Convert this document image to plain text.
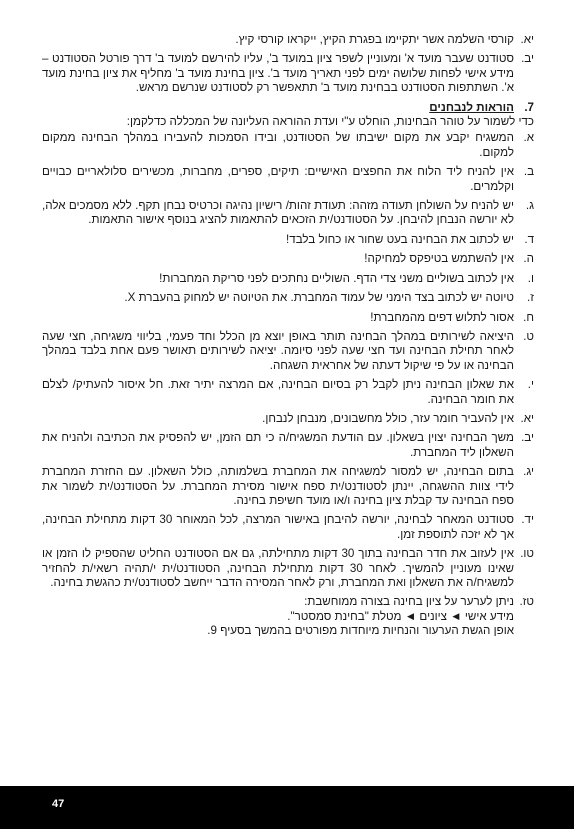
יא.
קורסי השלמה אשר יתקיימו בפגרת הקיץ, ייקראו קורסי קיץ.
יב.
סטודנט שעבר מועד א' ומעוניין לשפר ציון במועד ב', עליו להירשם למועד ב' דרך פורטל הסטודנט – מידע אישי לפחות שלושה ימים לפני תאריך מועד ב'. ציון בחינת מועד ב' מחליף את ציון בחינת מועד א'. השתתפות הסטודנט בבחינת מועד ב' תתאפשר רק לסטודנט שנרשם מראש.
7.
הוראות לנבחנים
כדי לשמור על טוהר הבחינות, הוחלט ע"י ועדת ההוראה העליונה של המכללה כדלקמן:
א.
המשגיח יקבע את מקום ישיבתו של הסטודנט, ובידו הסמכות להעבירו במהלך הבחינה ממקום למקום.
ב.
אין להניח ליד הלוח את החפצים האישיים: תיקים, ספרים, מחברות, מכשירים סלולאריים כבויים וקלמרים.
ג.
יש להניח על השולחן תעודה מזהה: תעודת זהות/ רישיון נהיגה וכרטיס נבחן תקף. ללא מסמכים אלה, לא יורשה הנבחן להיבחן. על הסטודנט/ית הזכאים להתאמות להציג בנוסף אישור התאמות.
ד.
יש לכתוב את הבחינה בעט שחור או כחול בלבד!
ה.
אין להשתמש בטיפקס למחיקה!
ו.
אין לכתוב בשוליים משני צדי הדף. השוליים נחתכים לפני סריקת המחברות!
ז.
טיוטה יש לכתוב בצד הימני של עמוד המחברת. את הטיוטה יש למחוק בהעברת X.
ח.
אסור לתלוש דפים מהמחברת!
ט.
היציאה לשירותים במהלך הבחינה תותר באופן יוצא מן הכלל וחד פעמי, בליווי משגיחה, חצי שעה לאחר תחילת הבחינה ועד חצי שעה לפני סיומה. יציאה לשירותים תאושר פעם אחת בלבד במהלך הבחינה או על פי שיקול דעתה של אחראית השגחה.
י.
את שאלון הבחינה ניתן לקבל רק בסיום הבחינה, אם המרצה יתיר זאת. חל איסור להעתיק/ לצלם את חומר הבחינה.
יא.
אין להעביר חומר עזר, כולל מחשבונים, מנבחן לנבחן.
יב.
משך הבחינה יצוין בשאלון. עם הודעת המשגיח/ה כי תם הזמן, יש להפסיק את הכתיבה ולהניח את השאלון ליד המחברת.
יג.
בתום הבחינה, יש למסור למשגיחה את המחברת בשלמותה, כולל השאלון. עם החזרת המחברת לידי צוות ההשגחה, יינתן לסטודנט/ית ספח אישור מסירת המחברת. על הסטודנט/ית לשמור את ספח הבחינה עד קבלת ציון בחינה ו/או מועד חשיפת בחינה.
יד.
סטודנט המאחר לבחינה, יורשה להיבחן באישור המרצה, לכל המאוחר 30 דקות מתחילת הבחינה, אך לא יזכה לתוספת זמן.
טו.
אין לעזוב את חדר הבחינה בתוך 30 דקות מתחילתה, גם אם הסטודנט החליט שהספיק לו הזמן או שאינו מעוניין להמשיך. לאחר 30 דקות מתחילת הבחינה, הסטודנט/ית י/תהיה רשאי/ת להחזיר למשגיח/ה את השאלון ואת המחברת, ורק לאחר המסירה הדבר ייחשב לסטודנט/ית כהגשת בחינה.
טז.
ניתן לערער על ציון בחינה בצורה ממוחשבת:
מידע אישי ◄ ציונים ◄ מטלת "בחינת סמסטר".
אופן הגשת הערעור והנחיות מיוחדות מפורטים בהמשך בסעיף 9.
47
